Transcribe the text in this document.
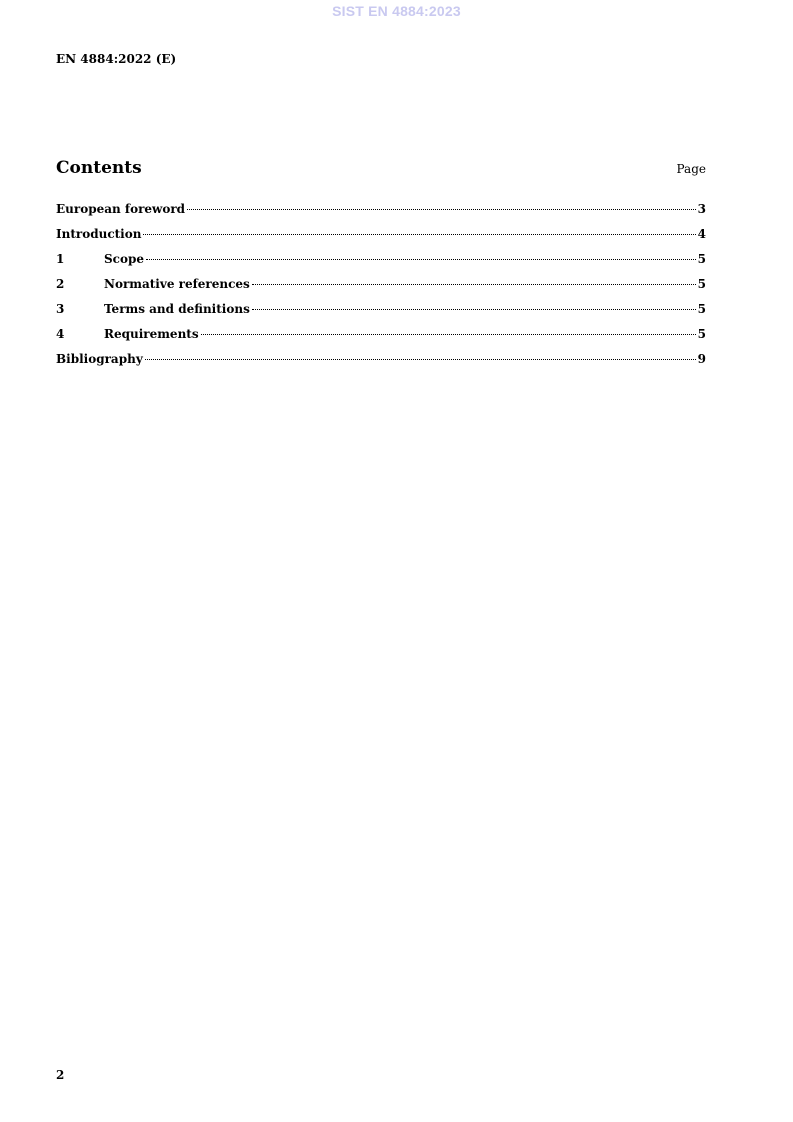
SIST EN 4884:2023
EN 4884:2022 (E)
Contents	Page
European foreword	3
Introduction	4
1	Scope	5
2	Normative references	5
3	Terms and definitions	5
4	Requirements	5
Bibliography	9
2
